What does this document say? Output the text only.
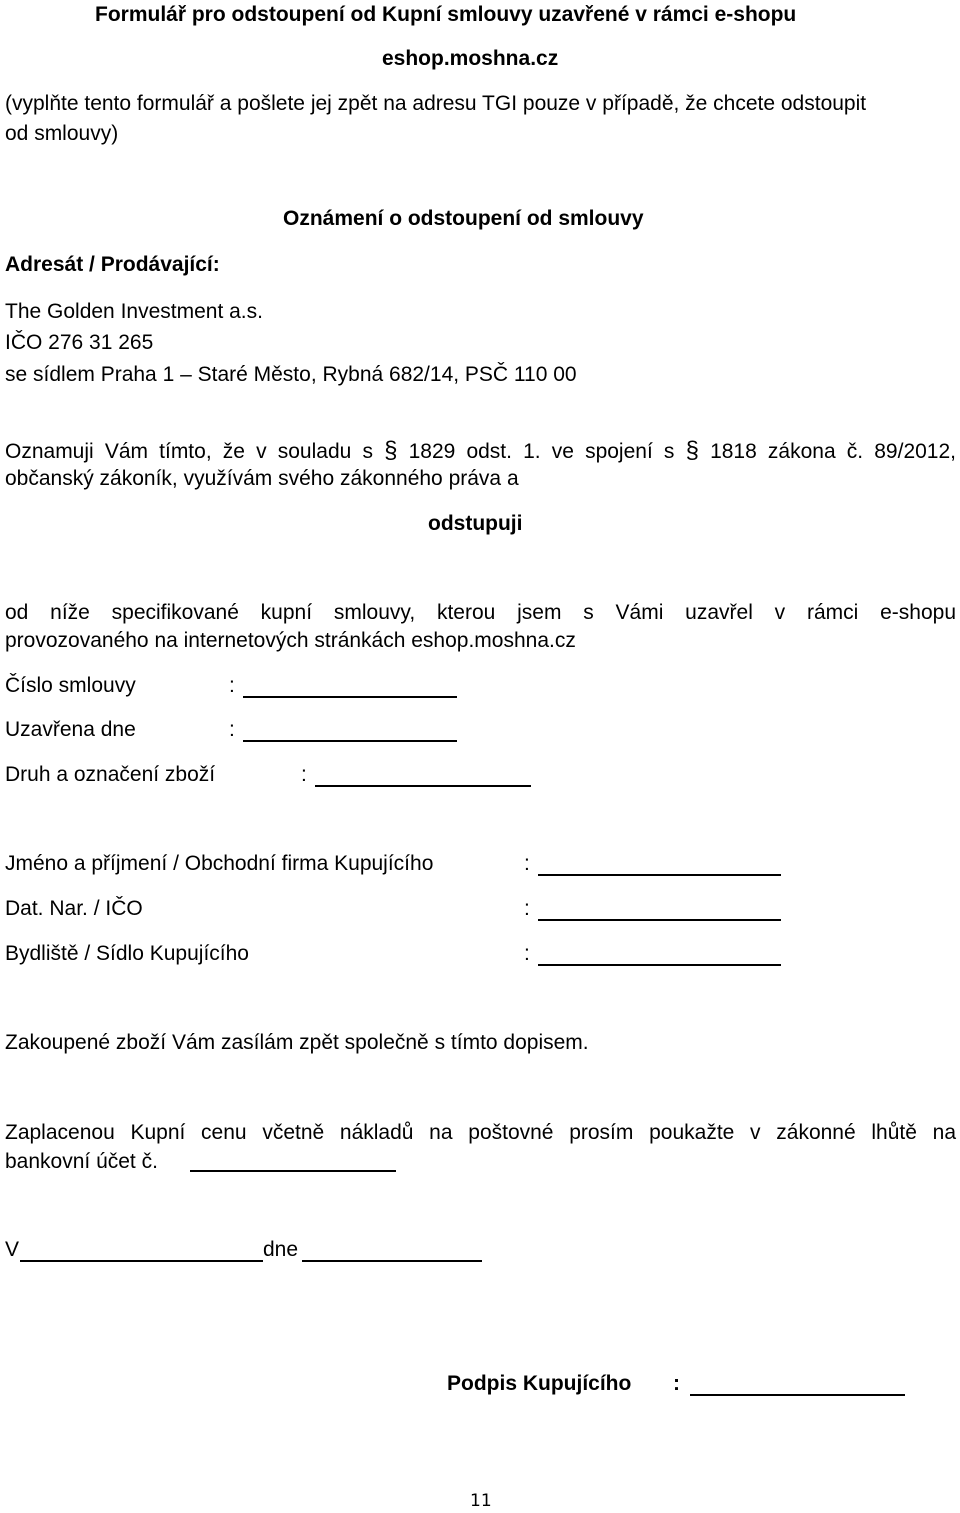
Formulář pro odstoupení od Kupní smlouvy uzavřené v rámci e-shopu
eshop.moshna.cz
(vyplňte tento formulář a pošlete jej zpět na adresu TGI pouze v případě, že chcete odstoupit
od smlouvy)
Oznámení o odstoupení od smlouvy
Adresát / Prodávající:
The Golden Investment a.s.
IČO 276 31 265
se sídlem Praha 1 – Staré Město, Rybná 682/14, PSČ 110 00
Oznamuji Vám tímto, že v souladu s § 1829 odst. 1. ve spojení s § 1818 zákona č. 89/2012,
občanský zákoník, využívám svého zákonného práva a
odstupuji
od níže specifikované kupní smlouvy, kterou jsem s Vámi uzavřel v rámci e-shopu
provozovaného na internetových stránkách eshop.moshna.cz
Číslo smlouvy	:
Uzavřena dne	:
Druh a označení zboží	:
Jméno a příjmení / Obchodní firma Kupujícího	:
Dat. Nar. / IČO	:
Bydliště / Sídlo Kupujícího	:
Zakoupené zboží Vám zasílám zpět společně s tímto dopisem.
Zaplacenou Kupní cenu včetně nákladů na poštovné prosím poukažte v zákonné lhůtě na
bankovní účet č.
V	dne
Podpis Kupujícího :
11
